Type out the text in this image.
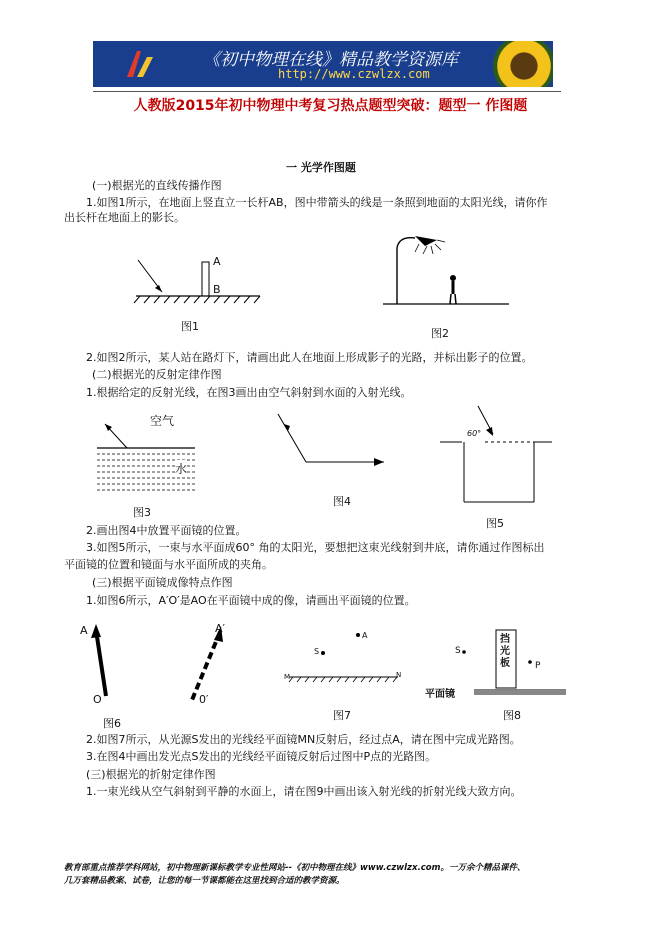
《初中物理在线》精品教学资源库
http://www.czwlzx.com
人教版2015年初中物理中考复习热点题型突破：题型一 作图题
一 光学作图题
(一)根据光的直线传播作图
1.如图1所示，在地面上竖直立一长杆AB，图中带箭头的线是一条照到地面的太阳光线，请你作
出长杆在地面上的影长。
A
B
图1
图2
2.如图2所示，某人站在路灯下，请画出此人在地面上形成影子的光路，并标出影子的位置。
(二)根据光的反射定律作图
1.根据给定的反射光线，在图3画出由空气斜射到水面的入射光线。
空气
水
图3
图4
60°
图5
2.画出图4中放置平面镜的位置。
3.如图5所示，一束与水平面成60° 角的太阳光，要想把这束光线射到井底，请你通过作图标出
平面镜的位置和镜面与水平面所成的夹角。
(三)根据平面镜成像特点作图
1.如图6所示，A′O′是AO在平面镜中成的像，请画出平面镜的位置。
A
O
A′
0′
图6
S
A
M	N
图7
S
挡光板	P
平面镜
图8
2.如图7所示，从光源S发出的光线经平面镜MN反射后，经过点A，请在图中完成光路图。
3.在图4中画出发光点S发出的光线经平面镜反射后过图中P点的光路图。
(三)根据光的折射定律作图
1.一束光线从空气斜射到平静的水面上，请在图9中画出该入射光线的折射光线大致方向。
教育部重点推荐学科网站，初中物理新课标教学专业性网站--《初中物理在线》www.czwlzx.com。一万余个精品课件、
几万套精品教案、试卷，让您的每一节课都能在这里找到合适的教学资源。
